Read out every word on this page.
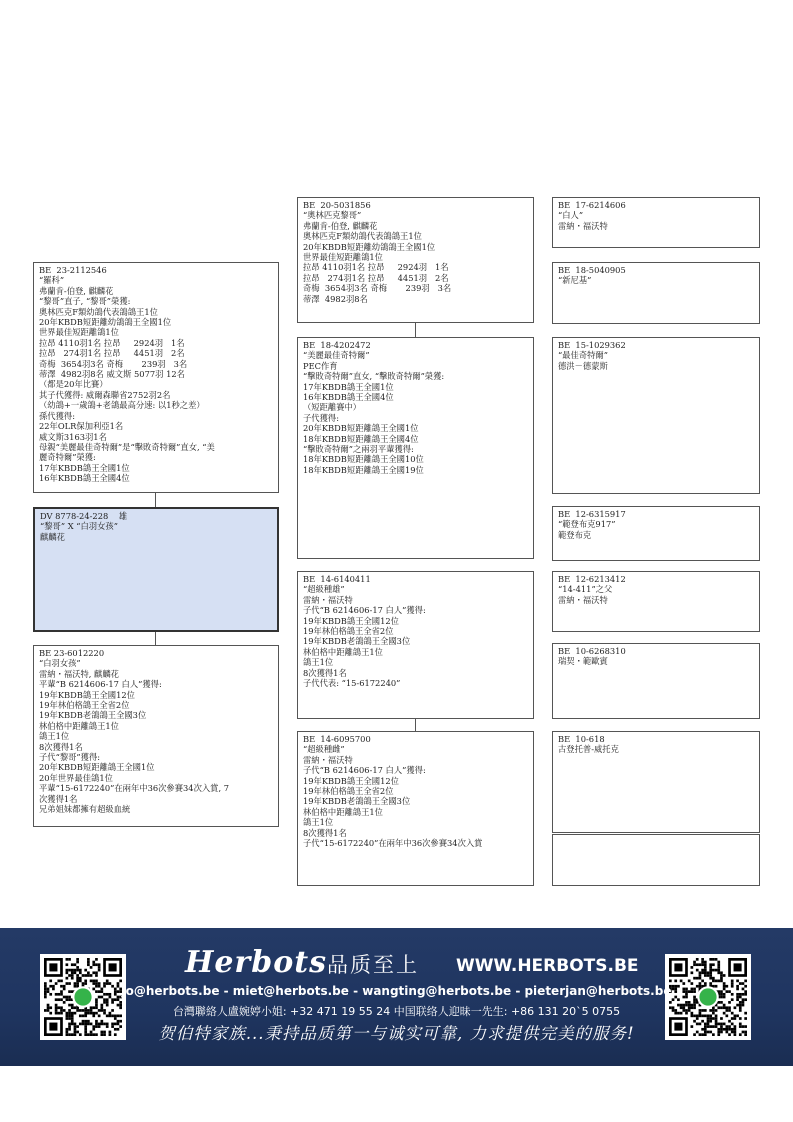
BE  17-6214606
“白人”
雷納・福沃特
BE  18-5040905
“新尼基”
BE  15-1029362
“最佳奇特爾”
德洪－德蒙斯
BE  12-6315917
“範登布克917”
範登布克
BE  12-6213412
“14-411”之父
雷納・福沃特
BE  10-6268310
瑞契・範歐賓
BE  10-618
古登托普-威托克
BE  20-5031856
“奧林匹克黎哥”
弗蘭肯-伯登, 麒麟花
奧林匹克F類幼鴿代表鴿鴿王1位
20年KBDB短距離幼鴿鴿王全國1位
世界最佳短距離鴿1位
拉昂 4110羽1名 拉昂     2924羽   1名
拉昂   274羽1名 拉昂     4451羽   2名
奇梅  3654羽3名 奇梅       239羽   3名
蒂澤  4982羽8名
BE  18-4202472
“美麗最佳奇特爾”
PEC作育
“擊敗奇特爾”直女, “擊敗奇特爾”榮獲:
17年KBDB鴿王全國1位
16年KBDB鴿王全國4位
（短距離賽中）
子代獲得:
20年KBDB短距離鴿王全國1位
18年KBDB短距離鴿王全國4位
“擊敗奇特爾”之兩羽平輩獲得:
18年KBDB短距離鴿王全國10位
18年KBDB短距離鴿王全國19位
BE  14-6140411
“超級種雄”
雷納・福沃特
子代“B 6214606-17 白人”獲得:
19年KBDB鴿王全國12位
19年林伯格鴿王全省2位
19年KBDB老鴿鴿王全國3位
林伯格中距離鴿王1位
鴿王1位
8次獲得1名
子代代表: “15-6172240”
BE  14-6095700
“超級種雌”
雷納・福沃特
子代“B 6214606-17 白人”獲得:
19年KBDB鴿王全國12位
19年林伯格鴿王全省2位
19年KBDB老鴿鴿王全國3位
林伯格中距離鴿王1位
鴿王1位
8次獲得1名
子代“15-6172240”在兩年中36次參賽34次入賞
BE  23-2112546
“羅科”
弗蘭肯-伯登, 麒麟花
“黎哥”直子, “黎哥”榮獲:
奧林匹克F類幼鴿代表鴿鴿王1位
20年KBDB短距離幼鴿鴿王全國1位
世界最佳短距離鴿1位
拉昂 4110羽1名 拉昂     2924羽   1名
拉昂   274羽1名 拉昂     4451羽   2名
奇梅  3654羽3名 奇梅       239羽   3名
蒂澤  4982羽8名 威文斯 5077羽 12名
（都是20年比賽）
其子代獲得: 威爾森聯省2752羽2名
（幼鴿+一歲鴿+老鴿最高分速: 以1秒之差）
孫代獲得:
22年OLR保加利亞1名
威文斯3163羽1名
母親“美麗最佳奇特爾”是“擊敗奇特爾”直女, “美
麗奇特爾”榮獲:
17年KBDB鴿王全國1位
16年KBDB鴿王全國4位
BE 23-6012220
“白羽女孩”
雷納・福沃特, 麒麟花
平輩“B 6214606-17 白人”獲得:
19年KBDB鴿王全國12位
19年林伯格鴿王全省2位
19年KBDB老鴿鴿王全國3位
林伯格中距離鴿王1位
鴿王1位
8次獲得1名
子代“黎哥”獲得:
20年KBDB短距離鴿王全國1位
20年世界最佳鴿1位
平輩“15-6172240”在兩年中36次參賽34次入賞, 7
次獲得1名
兄弟姐妹都擁有超級血統
DV 8778-24-228    雄
“黎哥” X “白羽女孩”
麒麟花
Herbots 品质至上 WWW.HERBOTS.BE
jo@herbots.be - miet@herbots.be - wangting@herbots.be - pieterjan@herbots.be
台灣聯絡人盧婉婷小姐: +32 471 19 55 24 中国联络人迎昧一先生: +86 131 20`5 0755
贺伯特家族...秉持品质第一与诚实可靠, 力求提供完美的服务!
